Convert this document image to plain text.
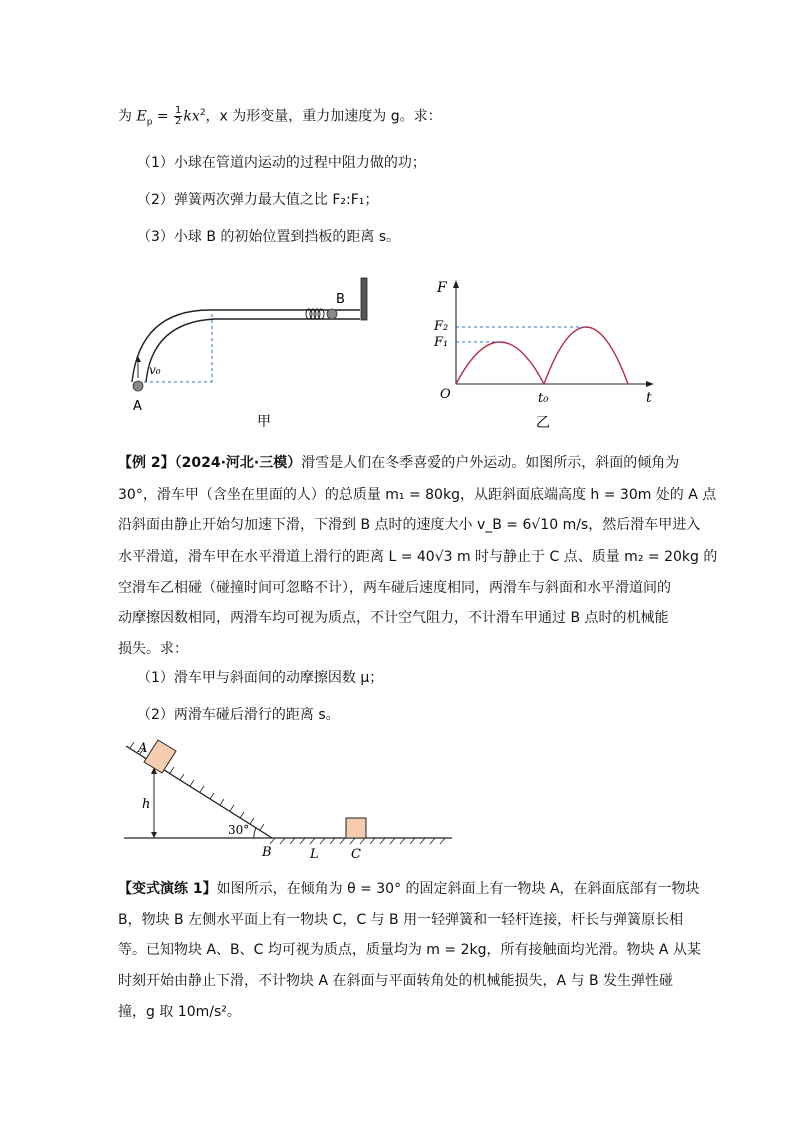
为 $E_p = \frac{1}{2} kx^2$，x 为形变量，重力加速度为 g。求：
（1）小球在管道内运动的过程中阻力做的功；
（2）弹簧两次弹力最大值之比 F₂:F₁；
（3）小球 B 的初始位置到挡板的距离 s。
v₀
A
B
甲
F
F₂
F₁
O	t₀	t
乙
【例 2】（2024·河北·三模）滑雪是人们在冬季喜爱的户外运动。如图所示，斜面的倾角为
30°，滑车甲（含坐在里面的人）的总质量 m₁ = 80kg，从距斜面底端高度 h = 30m 处的 A 点
沿斜面由静止开始匀加速下滑，下滑到 B 点时的速度大小 v_B = 6√10 m/s，然后滑车甲进入
水平滑道，滑车甲在水平滑道上滑行的距离 L = 40√3 m 时与静止于 C 点、质量 m₂ = 20kg 的
空滑车乙相碰（碰撞时间可忽略不计），两车碰后速度相同，两滑车与斜面和水平滑道间的
动摩擦因数相同，两滑车均可视为质点，不计空气阻力，不计滑车甲通过 B 点时的机械能
损失。求：
（1）滑车甲与斜面间的动摩擦因数 μ；
（2）两滑车碰后滑行的距离 s。
A
h
30°
B	L C
【变式演练 1】如图所示，在倾角为 θ = 30° 的固定斜面上有一物块 A，在斜面底部有一物块
B，物块 B 左侧水平面上有一物块 C，C 与 B 用一轻弹簧和一轻杆连接，杆长与弹簧原长相
等。已知物块 A、B、C 均可视为质点，质量均为 m = 2kg，所有接触面均光滑。物块 A 从某
时刻开始由静止下滑，不计物块 A 在斜面与平面转角处的机械能损失，A 与 B 发生弹性碰
撞，g 取 10m/s²。
